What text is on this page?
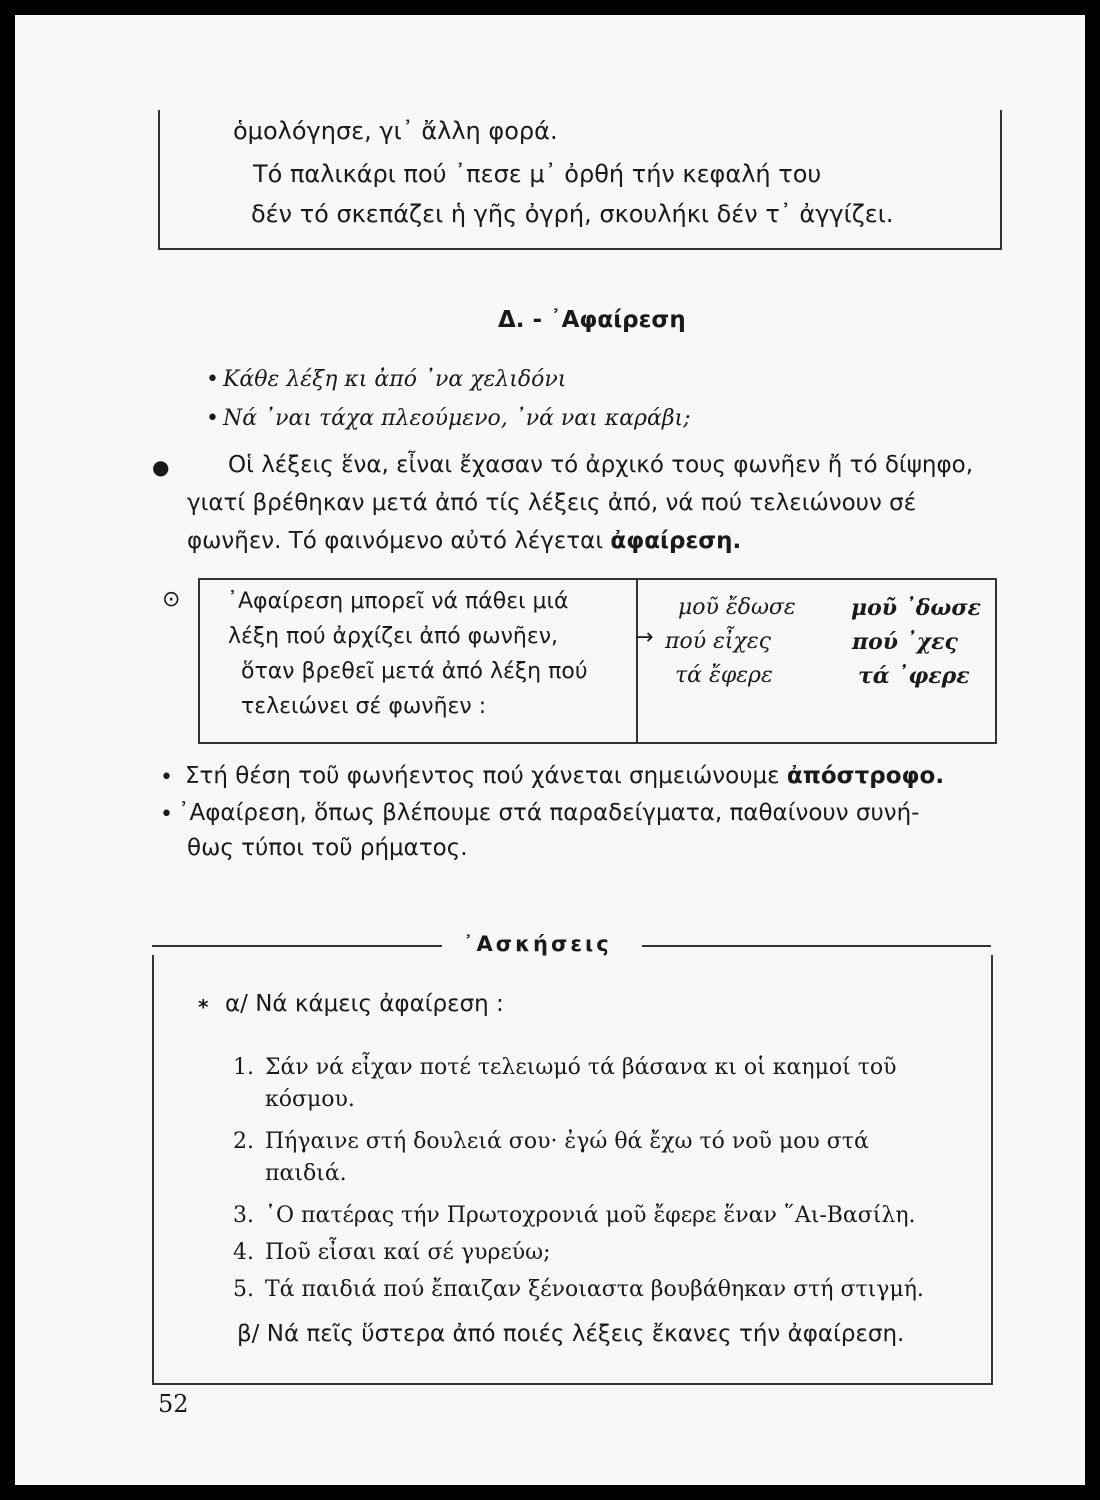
ὁμολόγησε, γι᾽ ἄλλη φορά.
Τό παλικάρι πού ᾽πεσε μ᾽ ὀρθή τήν κεφαλή του
δέν τό σκεπάζει ἡ γῆς ὀγρή, σκουλήκι δέν τ᾽ ἀγγίζει.
Δ. - ᾿Αφαίρεση
• Κάθε λέξη κι ἀπό ᾽να χελιδόνι
• Νά ᾽ναι τάχα πλεούμενο, ᾽νά ναι καράβι;
●	Οἱ λέξεις ἕνα, εἶναι ἔχασαν τό ἀρχικό τους φωνῆεν ἤ τό δίψηφο,
γιατί βρέθηκαν μετά ἀπό τίς λέξεις ἀπό, νά πού τελειώνουν σέ
φωνῆεν. Τό φαινόμενο αὐτό λέγεται ἀφαίρεση.
⊙ ᾿Αφαίρεση μπορεῖ νά πάθει μιά
λέξη πού ἀρχίζει ἀπό φωνῆεν,
ὅταν βρεθεῖ μετά ἀπό λέξη πού
τελειώνει σέ φωνῆεν :
→
μοῦ ἔδωσε
πού εἶχες
τά ἔφερε
μοῦ ᾿δωσε
πού ᾿χες
τά ᾿φερε
• Στή θέση τοῦ φωνήεντος πού χάνεται σημειώνουμε ἀπόστροφο.
• ᾿Αφαίρεση, ὅπως βλέπουμε στά παραδείγματα, παθαίνουν συνή-
θως τύποι τοῦ ρήματος.
᾿Ασκήσεις
* α/ Νά κάμεις ἀφαίρεση :
1. Σάν νά εἶχαν ποτέ τελειωμό τά βάσανα κι οἱ καημοί τοῦ
κόσμου.
2. Πήγαινε στή δουλειά σου· ἐγώ θά ἔχω τό νοῦ μου στά
παιδιά.
3. ῾Ο πατέρας τήν Πρωτοχρονιά μοῦ ἔφερε ἕναν ῞Αι-Βασίλη.
4. Ποῦ εἶσαι καί σέ γυρεύω;
5. Τά παιδιά πού ἔπαιζαν ξένοιαστα βουβάθηκαν στή στιγμή.
β/ Νά πεῖς ὕστερα ἀπό ποιές λέξεις ἔκανες τήν ἀφαίρεση.
52
